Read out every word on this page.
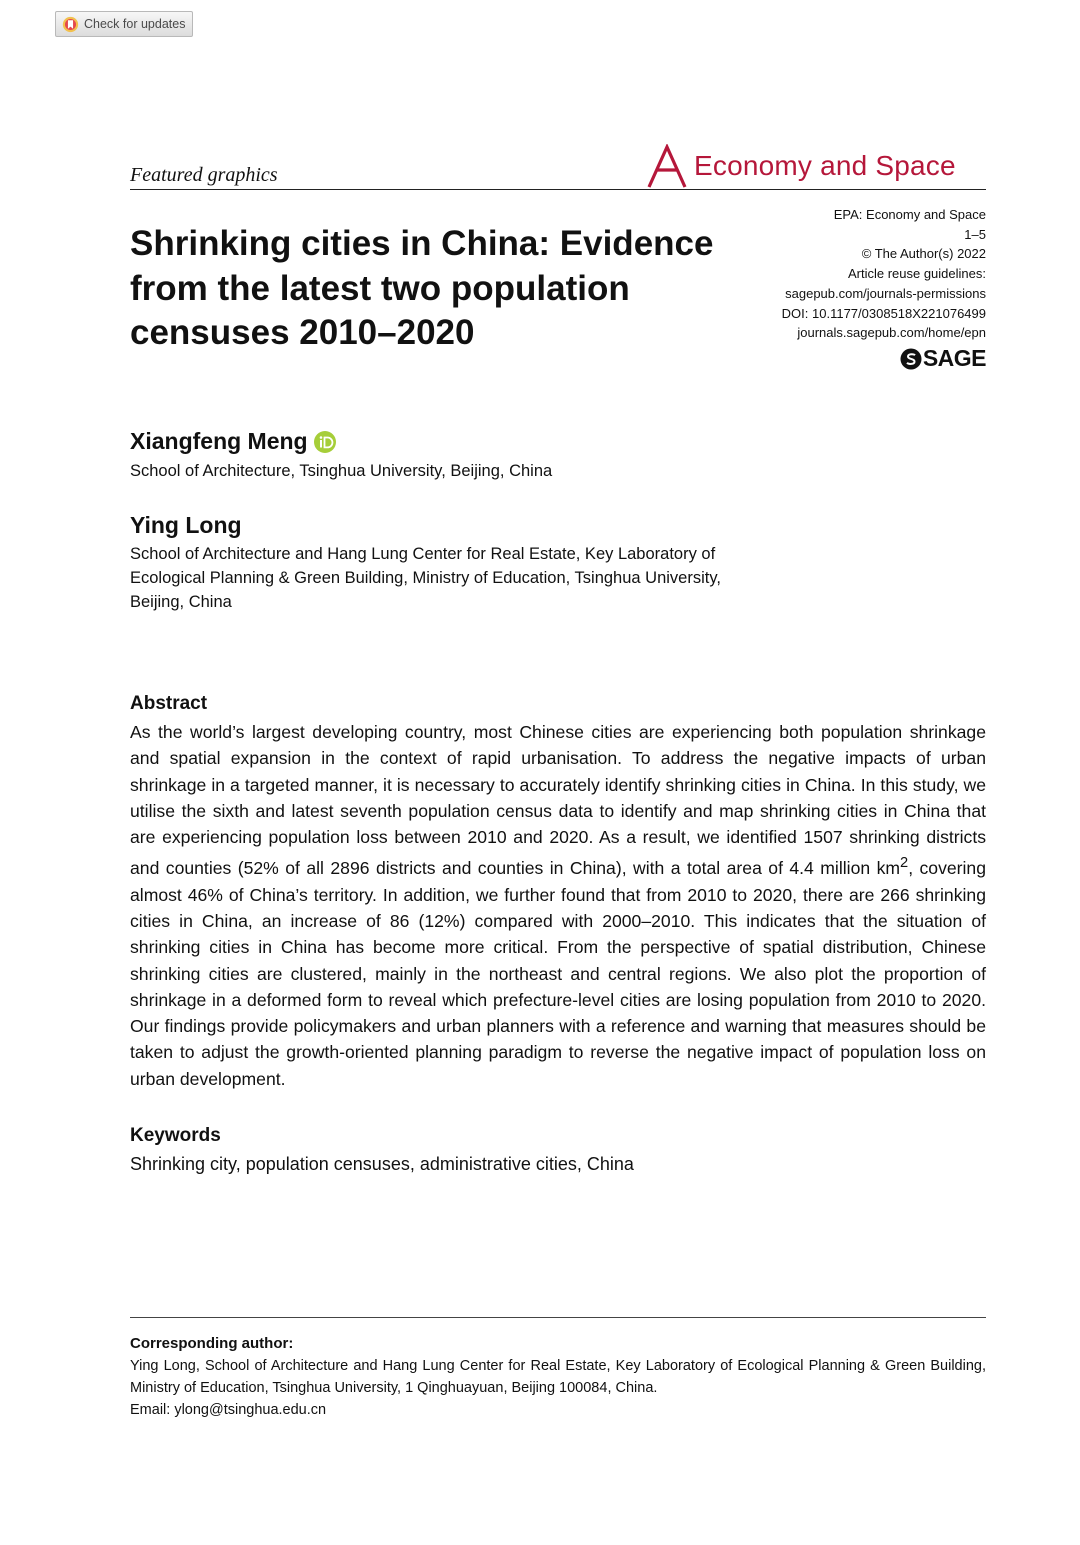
Check for updates
Featured graphics	Economy and Space
EPA: Economy and Space
1–5
© The Author(s) 2022
Article reuse guidelines:
sagepub.com/journals-permissions
DOI: 10.1177/0308518X221076499
journals.sagepub.com/home/epn
SAGE
Shrinking cities in China: Evidence from the latest two population censuses 2010–2020
Xiangfeng Meng
School of Architecture, Tsinghua University, Beijing, China
Ying Long
School of Architecture and Hang Lung Center for Real Estate, Key Laboratory of Ecological Planning & Green Building, Ministry of Education, Tsinghua University, Beijing, China
Abstract

As the world’s largest developing country, most Chinese cities are experiencing both population shrinkage and spatial expansion in the context of rapid urbanisation. To address the negative impacts of urban shrinkage in a targeted manner, it is necessary to accurately identify shrinking cities in China. In this study, we utilise the sixth and latest seventh population census data to identify and map shrinking cities in China that are experiencing population loss between 2010 and 2020. As a result, we identified 1507 shrinking districts and counties (52% of all 2896 districts and counties in China), with a total area of 4.4 million $km^2$, covering almost 46% of China’s territory. In addition, we further found that from 2010 to 2020, there are 266 shrinking cities in China, an increase of 86 (12%) compared with 2000–2010. This indicates that the situation of shrinking cities in China has become more critical. From the perspective of spatial distribution, Chinese shrinking cities are clustered, mainly in the northeast and central regions. We also plot the proportion of shrinkage in a deformed form to reveal which prefecture-level cities are losing population from 2010 to 2020. Our findings provide policymakers and urban planners with a reference and warning that measures should be taken to adjust the growth-oriented planning paradigm to reverse the negative impact of population loss on urban development.

Keywords
Shrinking city, population censuses, administrative cities, China
Corresponding author:

Ying Long, School of Architecture and Hang Lung Center for Real Estate, Key Laboratory of Ecological Planning & Green Building, Ministry of Education, Tsinghua University, 1 Qinghuayuan, Beijing 100084, China.

Email: ylong@tsinghua.edu.cn
